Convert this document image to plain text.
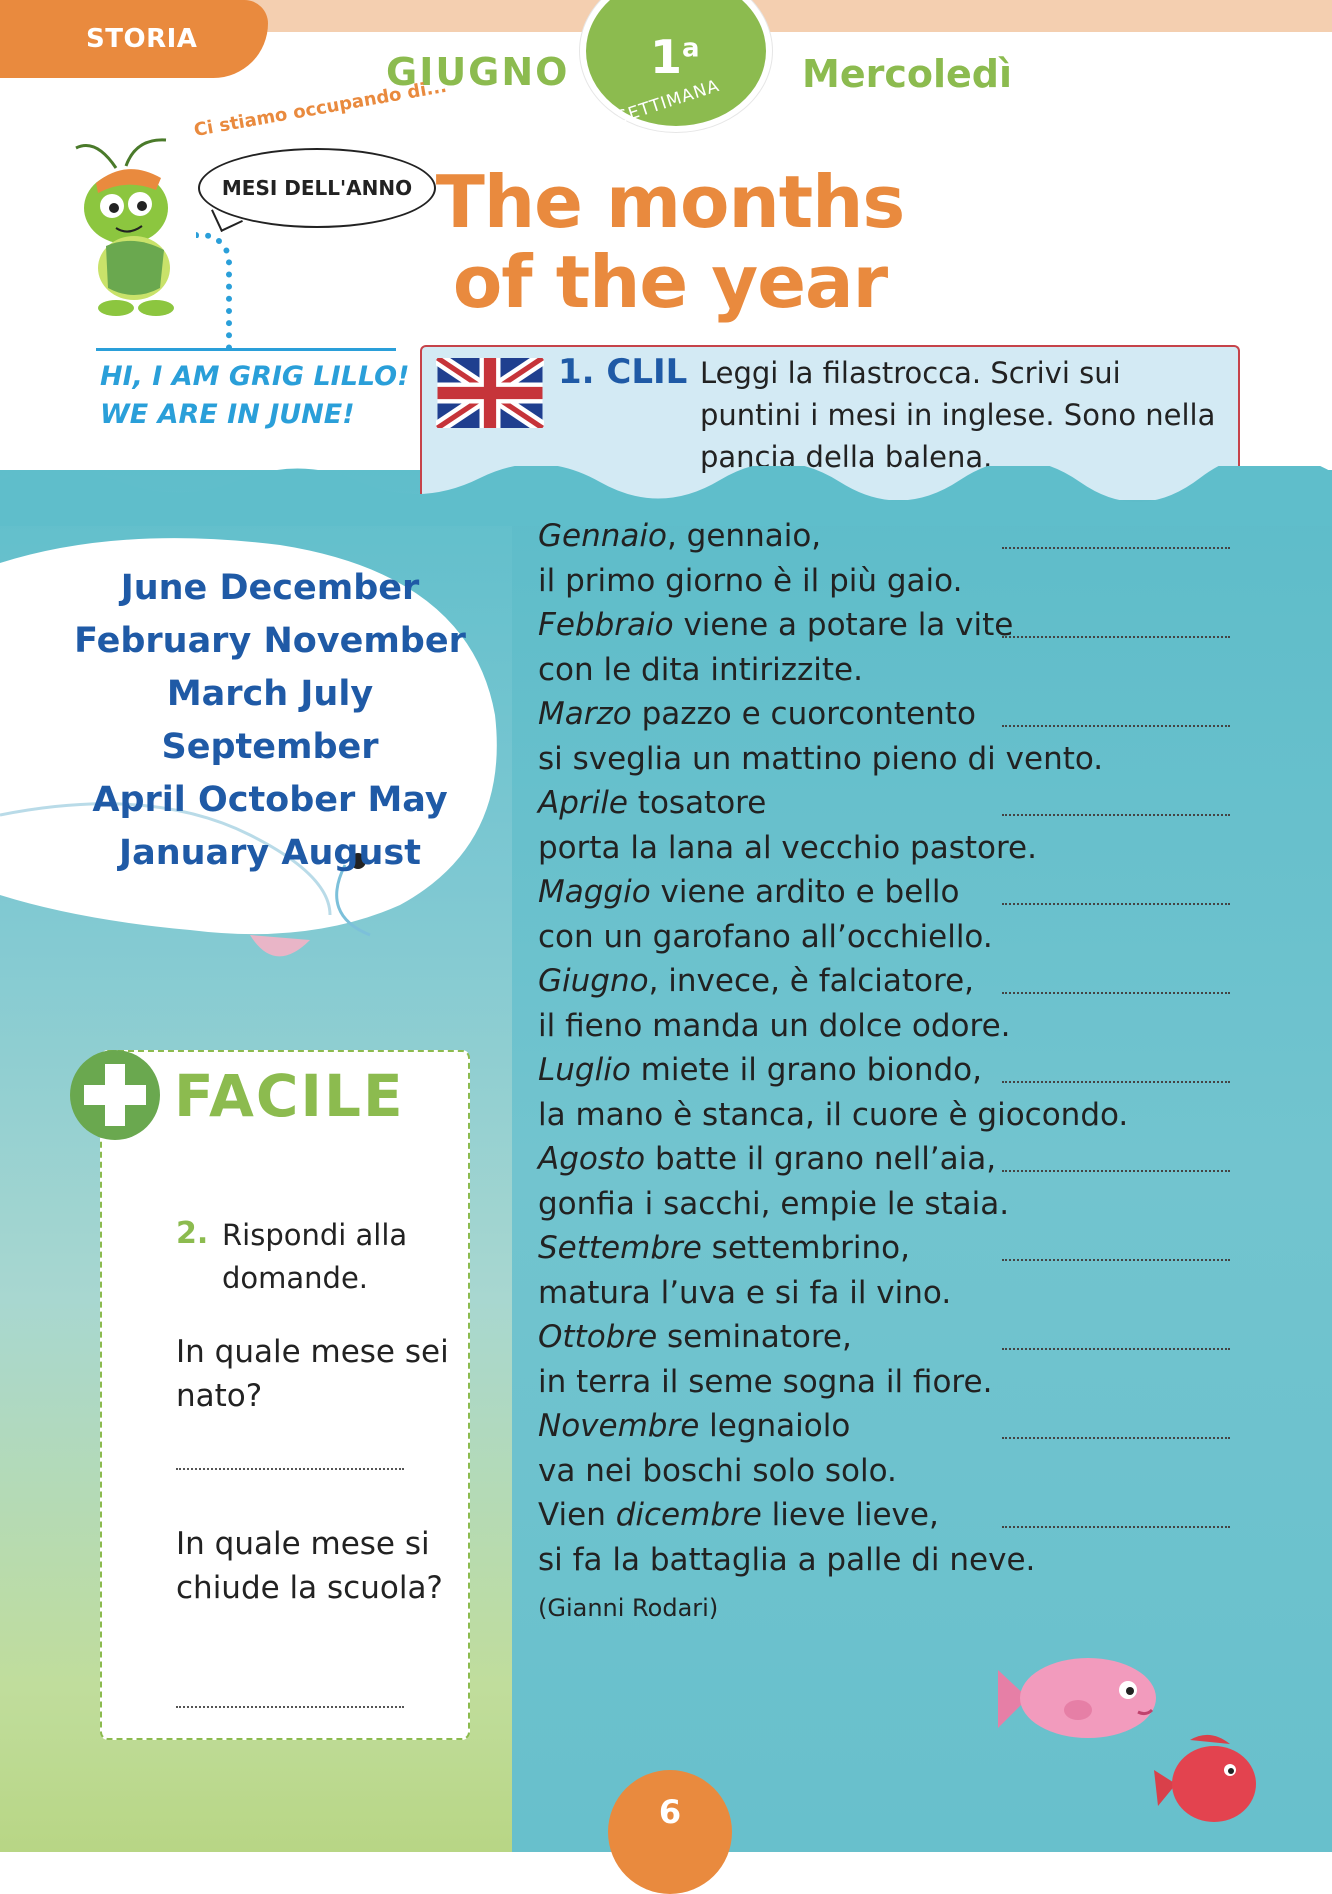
STORIA
GIUGNO 1$^a$
SETTIMANA
Mercoledì
Ci stiamo occupando di...
MESI DELL'ANNO
HI, I AM GRIG LILLO!
WE ARE IN JUNE!
The months
of the year
1. CLIL Leggi la filastrocca. Scrivi sui puntini i mesi in inglese. Sono nella pancia della balena.
June December
February November
March July September
April October May
January August
FACILE
2. Rispondi alla domande.
In quale mese sei nato?
In quale mese si chiude la scuola?
Gennaio, gennaio,
il primo giorno è il più gaio.
Febbraio viene a potare la vite
con le dita intirizzite.
Marzo pazzo e cuorcontento
si sveglia un mattino pieno di vento.
Aprile tosatore
porta la lana al vecchio pastore.
Maggio viene ardito e bello
con un garofano all’occhiello.
Giugno, invece, è falciatore,
il fieno manda un dolce odore.
Luglio miete il grano biondo,
la mano è stanca, il cuore è giocondo.
Agosto batte il grano nell’aia,
gonfia i sacchi, empie le staia.
Settembre settembrino,
matura l’uva e si fa il vino.
Ottobre seminatore,
in terra il seme sogna il fiore.
Novembre legnaiolo
va nei boschi solo solo.
Vien dicembre lieve lieve,
si fa la battaglia a palle di neve.
(Gianni Rodari)
6
